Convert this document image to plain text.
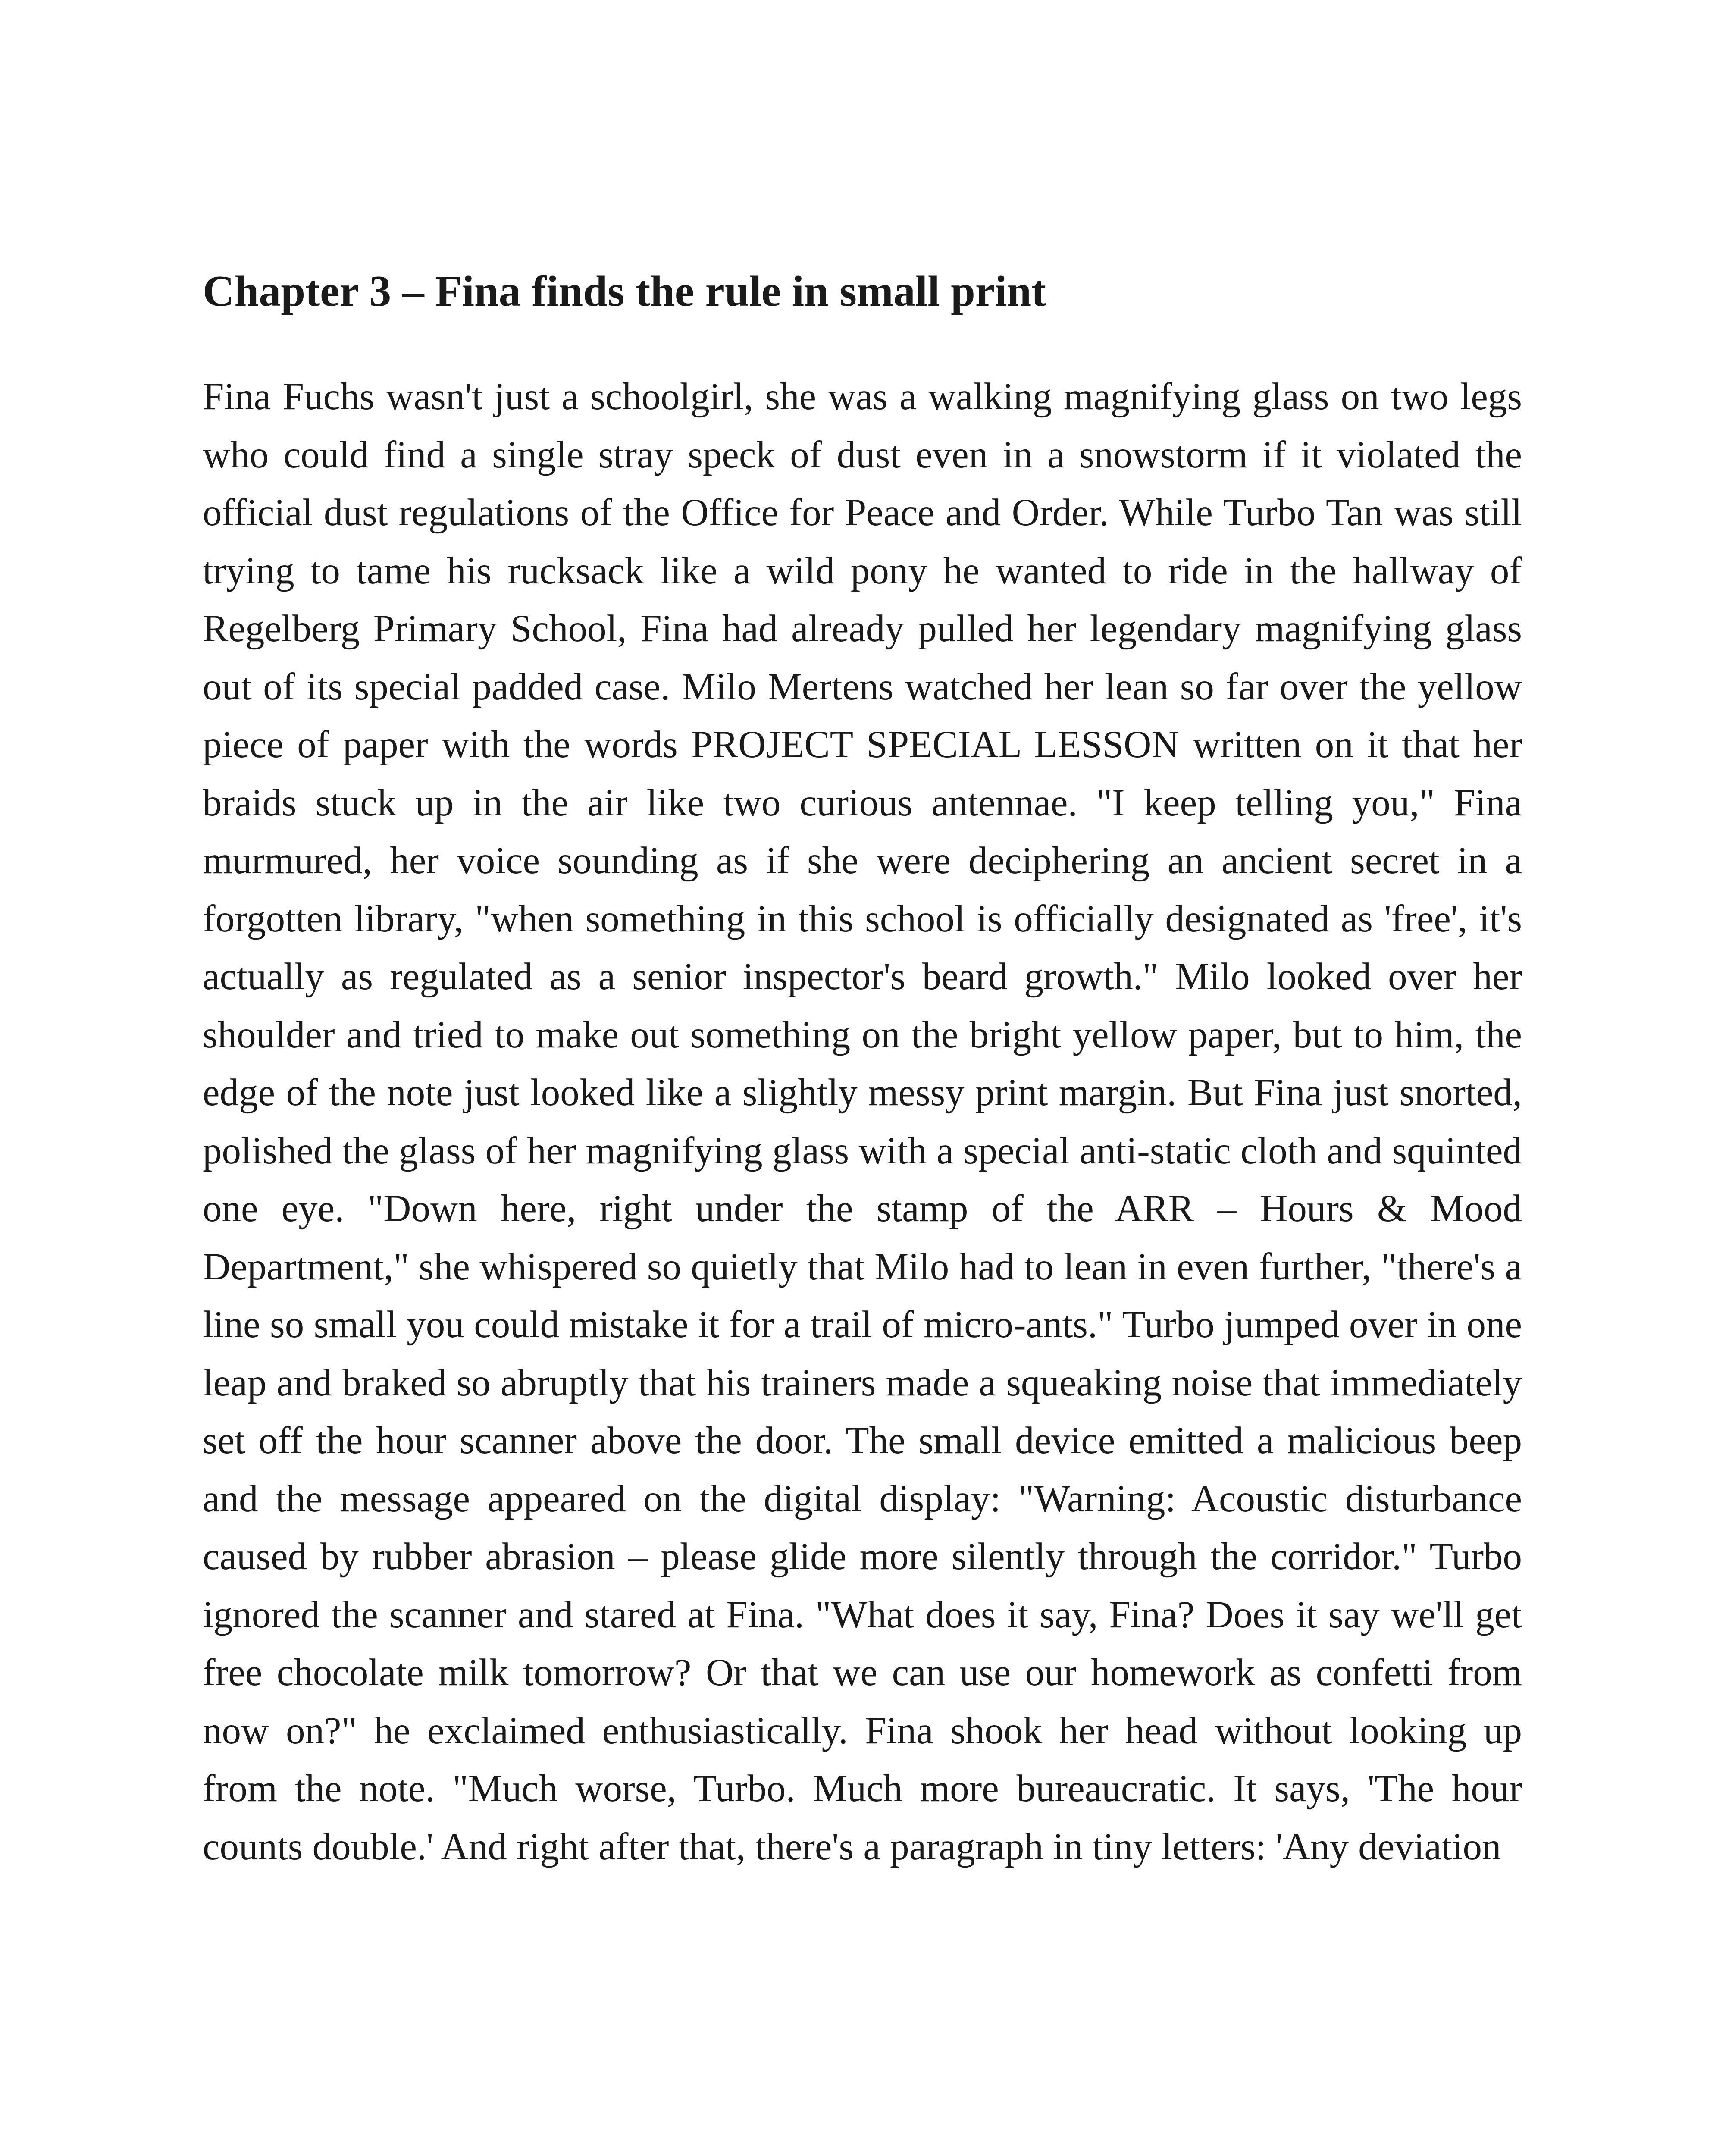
Chapter 3 – Fina finds the rule in small print

Fina Fuchs wasn't just a schoolgirl, she was a walking magnifying glass on two legs who could find a single stray speck of dust even in a snowstorm if it violated the official dust regulations of the Office for Peace and Order. While Turbo Tan was still trying to tame his rucksack like a wild pony he wanted to ride in the hallway of Regelberg Primary School, Fina had already pulled her legendary magnifying glass out of its special padded case. Milo Mertens watched her lean so far over the yellow piece of paper with the words PROJECT SPECIAL LESSON written on it that her braids stuck up in the air like two curious antennae. "I keep telling you," Fina murmured, her voice sounding as if she were deciphering an ancient secret in a forgotten library, "when something in this school is officially designated as 'free', it's actually as regulated as a senior inspector's beard growth." Milo looked over her shoulder and tried to make out something on the bright yellow paper, but to him, the edge of the note just looked like a slightly messy print margin. But Fina just snorted, polished the glass of her magnifying glass with a special anti-static cloth and squinted one eye. "Down here, right under the stamp of the ARR – Hours & Mood Department," she whispered so quietly that Milo had to lean in even further, "there's a line so small you could mistake it for a trail of micro-ants." Turbo jumped over in one leap and braked so abruptly that his trainers made a squeaking noise that immediately set off the hour scanner above the door. The small device emitted a malicious beep and the message appeared on the digital display: "Warning: Acoustic disturbance caused by rubber abrasion – please glide more silently through the corridor." Turbo ignored the scanner and stared at Fina. "What does it say, Fina? Does it say we'll get free chocolate milk tomorrow? Or that we can use our homework as confetti from now on?" he exclaimed enthusiastically. Fina shook her head without looking up from the note. "Much worse, Turbo. Much more bureaucratic. It says, 'The hour counts double.' And right after that, there's a paragraph in tiny letters: 'Any deviation
